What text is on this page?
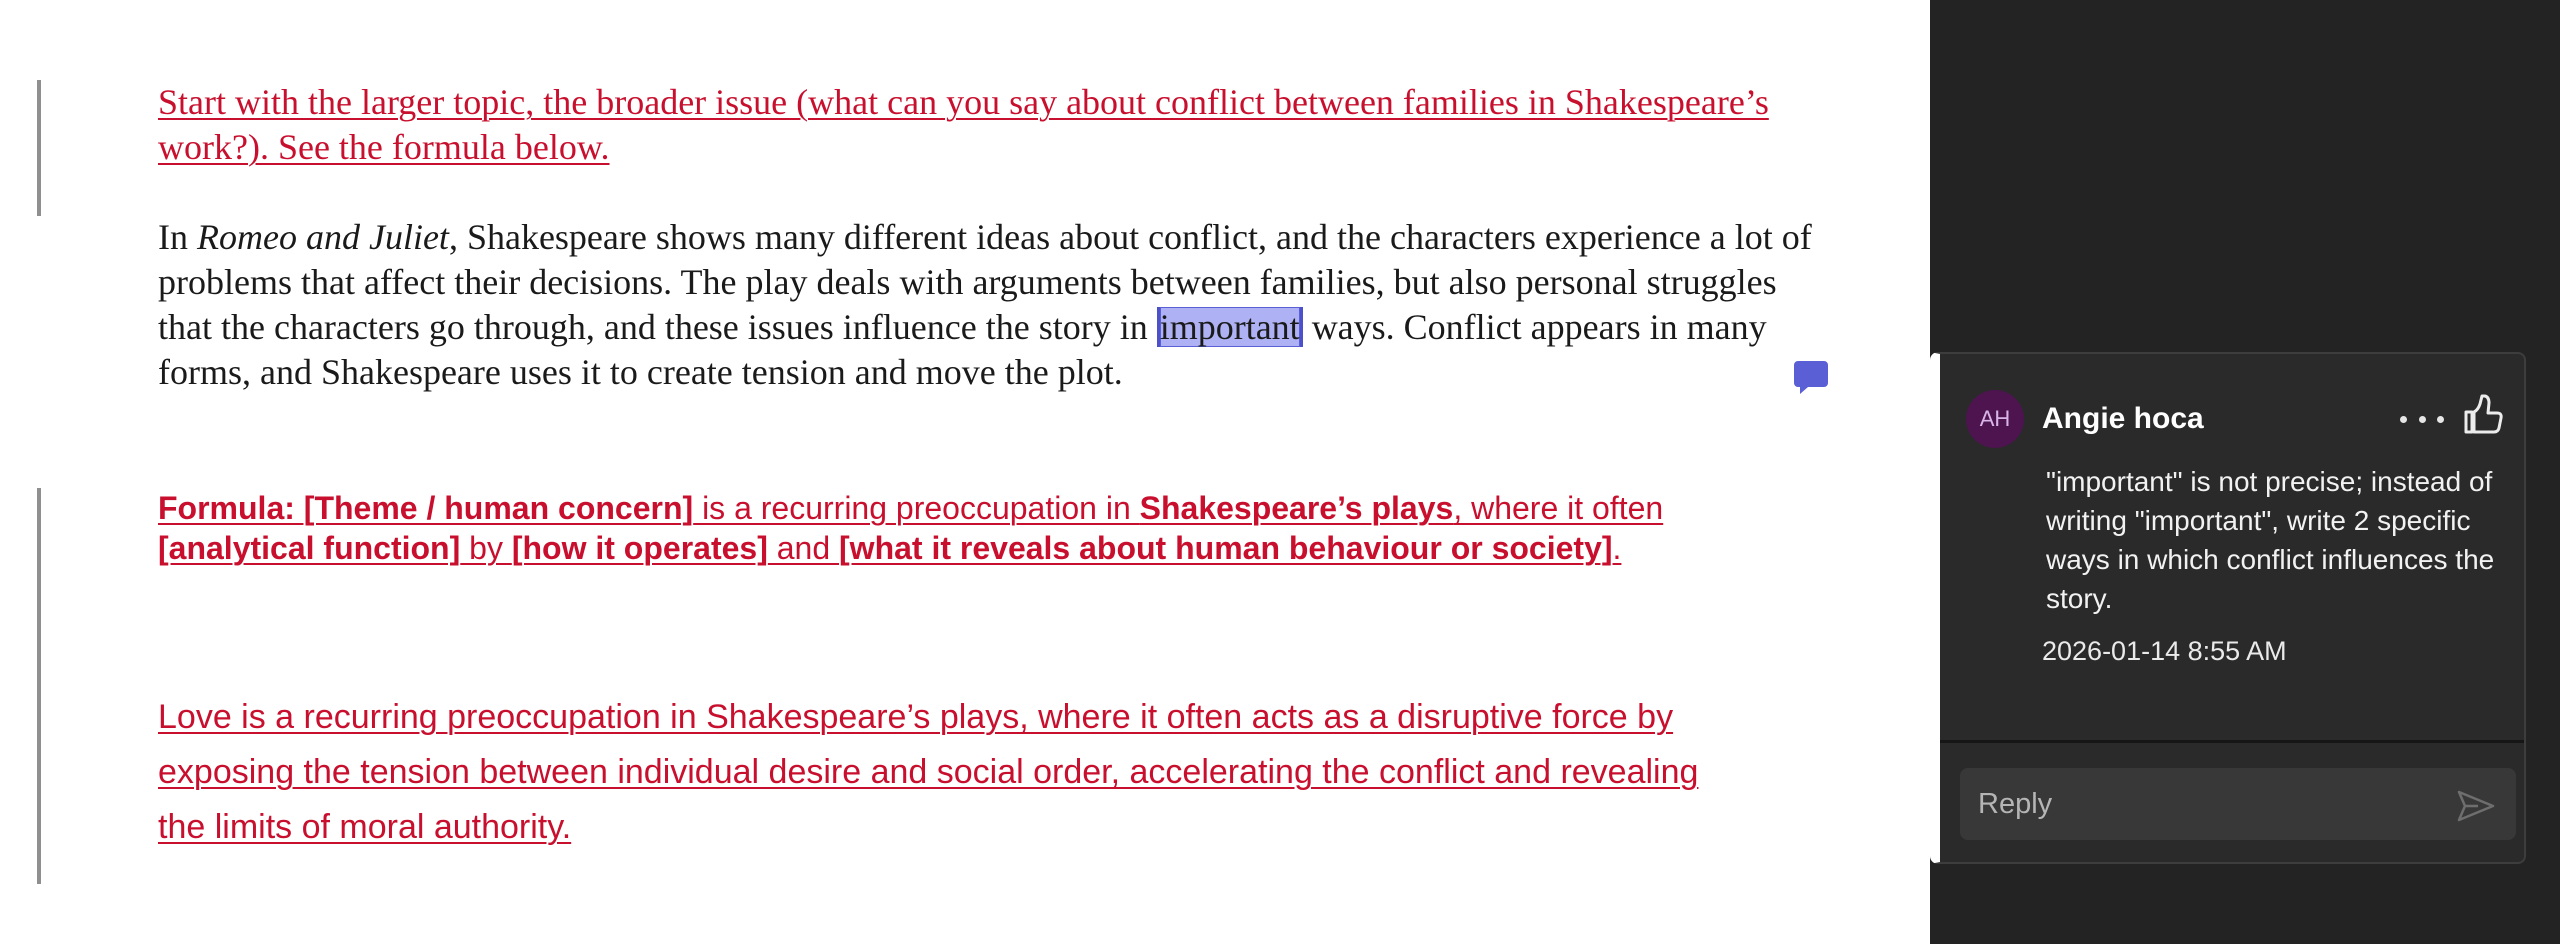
Start with the larger topic, the broader issue (what can you say about conflict between families in Shakespeare’s work?). See the formula below.

In Romeo and Juliet, Shakespeare shows many different ideas about conflict, and the characters experience a lot of problems that affect their decisions. The play deals with arguments between families, but also personal struggles that the characters go through, and these issues influence the story in important ways. Conflict appears in many forms, and Shakespeare uses it to create tension and move the plot.

Formula: [Theme / human concern] is a recurring preoccupation in Shakespeare’s plays, where it often [analytical function] by [how it operates] and [what it reveals about human behaviour or society].

Love is a recurring preoccupation in Shakespeare’s plays, where it often acts as a disruptive force by exposing the tension between individual desire and social order, accelerating the conflict and revealing the limits of moral authority.

AH	Angie hoca
"important" is not precise; instead of writing "important", write 2 specific ways in which conflict influences the story.
2026-01-14 8:55 AM
Reply
